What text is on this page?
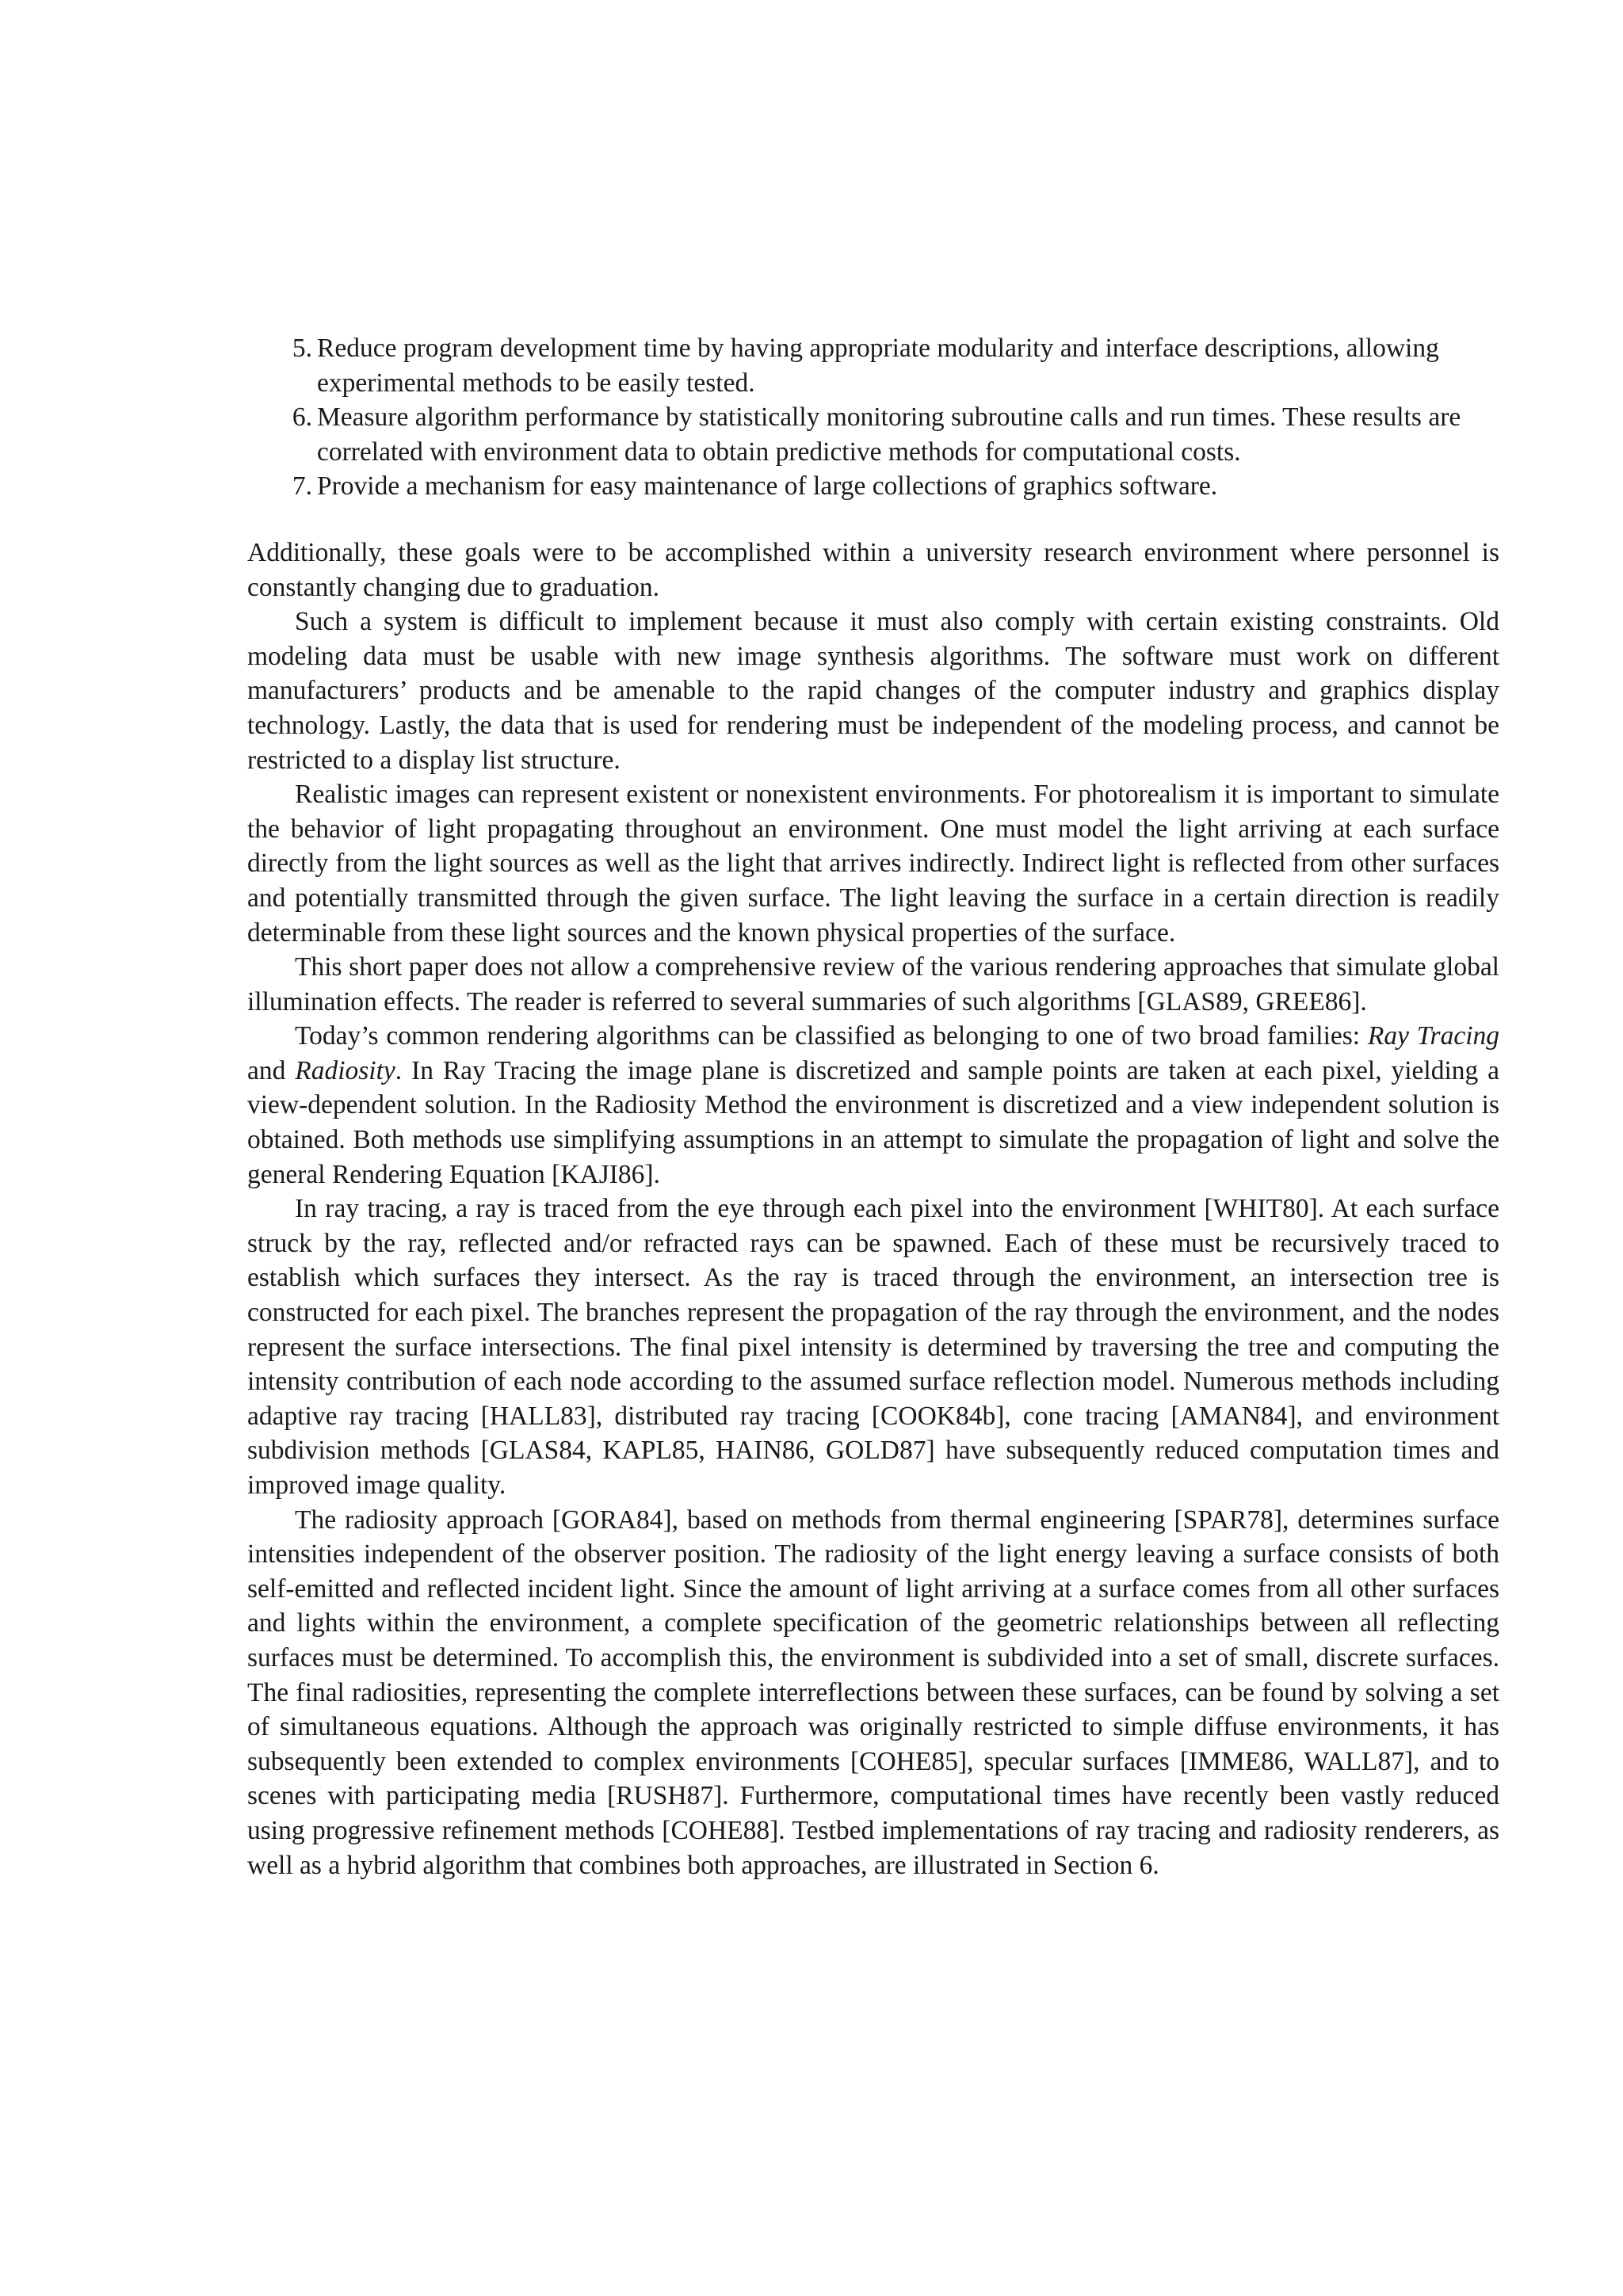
5. Reduce program development time by having appropriate modularity and interface descriptions, allowing experimental methods to be easily tested.
6. Measure algorithm performance by statistically monitoring subroutine calls and run times. These results are correlated with environment data to obtain predictive methods for computational costs.
7. Provide a mechanism for easy maintenance of large collections of graphics software.

Additionally, these goals were to be accomplished within a university research environment where personnel is constantly changing due to graduation.

Such a system is difficult to implement because it must also comply with certain existing constraints. Old modeling data must be usable with new image synthesis algorithms. The software must work on different manufacturers’ products and be amenable to the rapid changes of the computer industry and graphics display technology. Lastly, the data that is used for rendering must be independent of the modeling process, and cannot be restricted to a display list structure.

Realistic images can represent existent or nonexistent environments. For photorealism it is important to simulate the behavior of light propagating throughout an environment. One must model the light arriving at each surface directly from the light sources as well as the light that arrives indirectly. Indirect light is reflected from other surfaces and potentially transmitted through the given surface. The light leaving the surface in a certain direction is readily determinable from these light sources and the known physical properties of the surface.

This short paper does not allow a comprehensive review of the various rendering approaches that simulate global illumination effects. The reader is referred to several summaries of such algorithms [GLAS89, GREE86].

Today’s common rendering algorithms can be classified as belonging to one of two broad families: Ray Tracing and Radiosity. In Ray Tracing the image plane is discretized and sample points are taken at each pixel, yielding a view-dependent solution. In the Radiosity Method the environment is discretized and a view independent solution is obtained. Both methods use simplifying assumptions in an attempt to simulate the propagation of light and solve the general Rendering Equation [KAJI86].

In ray tracing, a ray is traced from the eye through each pixel into the environment [WHIT80]. At each surface struck by the ray, reflected and/or refracted rays can be spawned. Each of these must be recursively traced to establish which surfaces they intersect. As the ray is traced through the environment, an intersection tree is constructed for each pixel. The branches represent the propagation of the ray through the environment, and the nodes represent the surface intersections. The final pixel intensity is determined by traversing the tree and computing the intensity contribution of each node according to the assumed surface reflection model. Numerous methods including adaptive ray tracing [HALL83], distributed ray tracing [COOK84b], cone tracing [AMAN84], and environment subdivision methods [GLAS84, KAPL85, HAIN86, GOLD87] have subsequently reduced computation times and improved image quality.

The radiosity approach [GORA84], based on methods from thermal engineering [SPAR78], determines surface intensities independent of the observer position. The radiosity of the light energy leaving a surface consists of both self-emitted and reflected incident light. Since the amount of light arriving at a surface comes from all other surfaces and lights within the environment, a complete specification of the geometric relationships between all reflecting surfaces must be determined. To accomplish this, the environment is subdivided into a set of small, discrete surfaces. The final radiosities, representing the complete interreflections between these surfaces, can be found by solving a set of simultaneous equations. Although the approach was originally restricted to simple diffuse environments, it has subsequently been extended to complex environments [COHE85], specular surfaces [IMME86, WALL87], and to scenes with participating media [RUSH87]. Furthermore, computational times have recently been vastly reduced using progressive refinement methods [COHE88]. Testbed implementations of ray tracing and radiosity renderers, as well as a hybrid algorithm that combines both approaches, are illustrated in Section 6.
